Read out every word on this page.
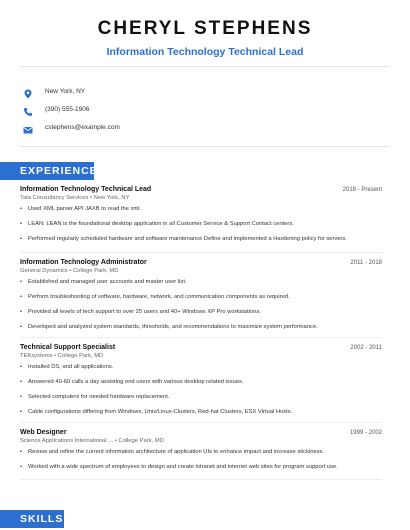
CHERYL STEPHENS
Information Technology Technical Lead
New York, NY
(390) 555-1906
cstephens@example.com
EXPERIENCE
Information Technology Technical Lead	2018 - Present
Tata Consultancy Services • New York, NY
• Used XML parser API JAXB to read the xml.
• LEAN: LEAN is the foundational desktop application in all Customer Service & Support Contact centers.
• Performed regularly scheduled hardware and software maintenance Define and implemented a Hardening policy for servers.
Information Technology Administrator	2011 - 2018
General Dynamics • College Park, MD
• Established and managed user accounts and master user list.
• Perform troubleshooting of software, hardware, network, and communication components as required.
• Provided all levels of tech support to over 25 users and 40+ Windows XP Pro workstations.
• Developed and analyzed system standards, thresholds, and recommendations to maximize system performance.
Technical Support Specialist	2002 - 2011
TEKsystems • College Park, MD
• Installed DS, and all applications.
• Answered 40-60 calls a day assisting end users with various desktop related issues.
• Selected computers for needed hardware replacement.
• Cable configurations differing from Windows, Unix/Linux-Clusters, Red-hat Clusters, ESX Virtual Hosts.
Web Designer	1999 - 2002
Science Applications International ... • College Park, MD
• Review and refine the current information architecture of application UIs to enhance impact and increase stickiness.
• Worked with a wide spectrum of employees to design and create intranet and internet web sites for program support use.
SKILLS
